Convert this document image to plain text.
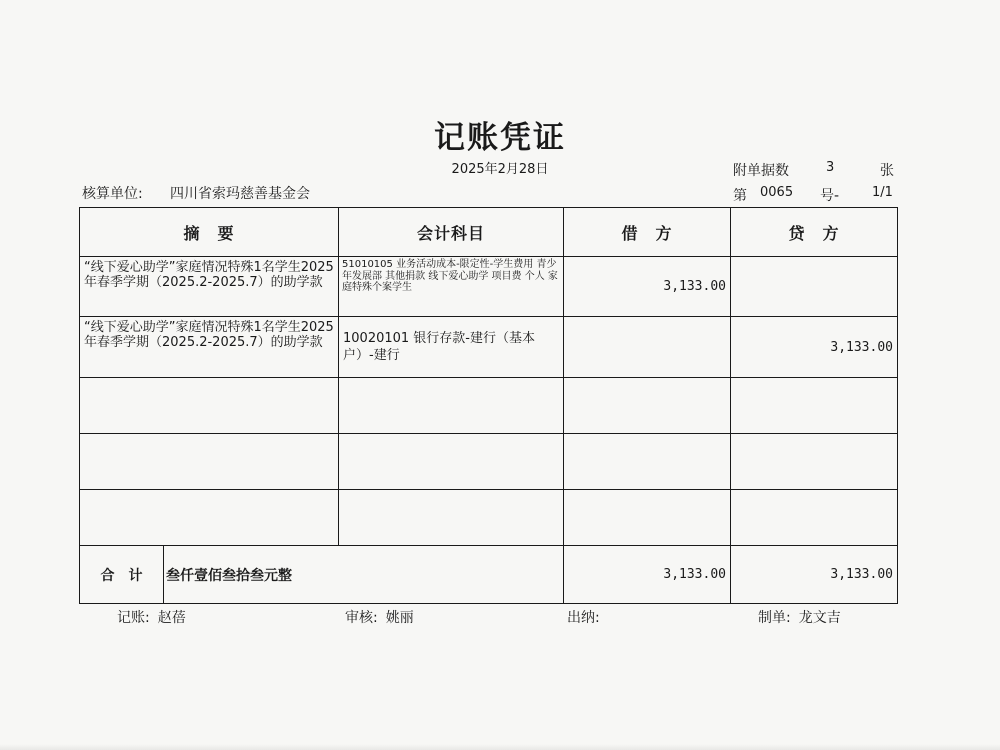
记账凭证
2025年2月28日	附单据数	3	张
核算单位: 四川省索玛慈善基金会	第 0065 号-	1/1
摘　要	会计科目	借　方	贷　方
“线下爱心助学”家庭情况特殊1名学生2025年春季学期（2025.2-2025.7）的助学款	51010105 业务活动成本-限定性-学生费用 青少年发展部 其他捐款 线下爱心助学 项目费 个人 家庭特殊个案学生	3,133.00	
“线下爱心助学”家庭情况特殊1名学生2025年春季学期（2025.2-2025.7）的助学款	10020101 银行存款-建行（基本户）-建行		3,133.00

合计 叁仟壹佰叁拾叁元整		3,133.00	3,133.00
记账: 赵蓓	审核: 姚丽	出纳:	制单: 龙文吉
